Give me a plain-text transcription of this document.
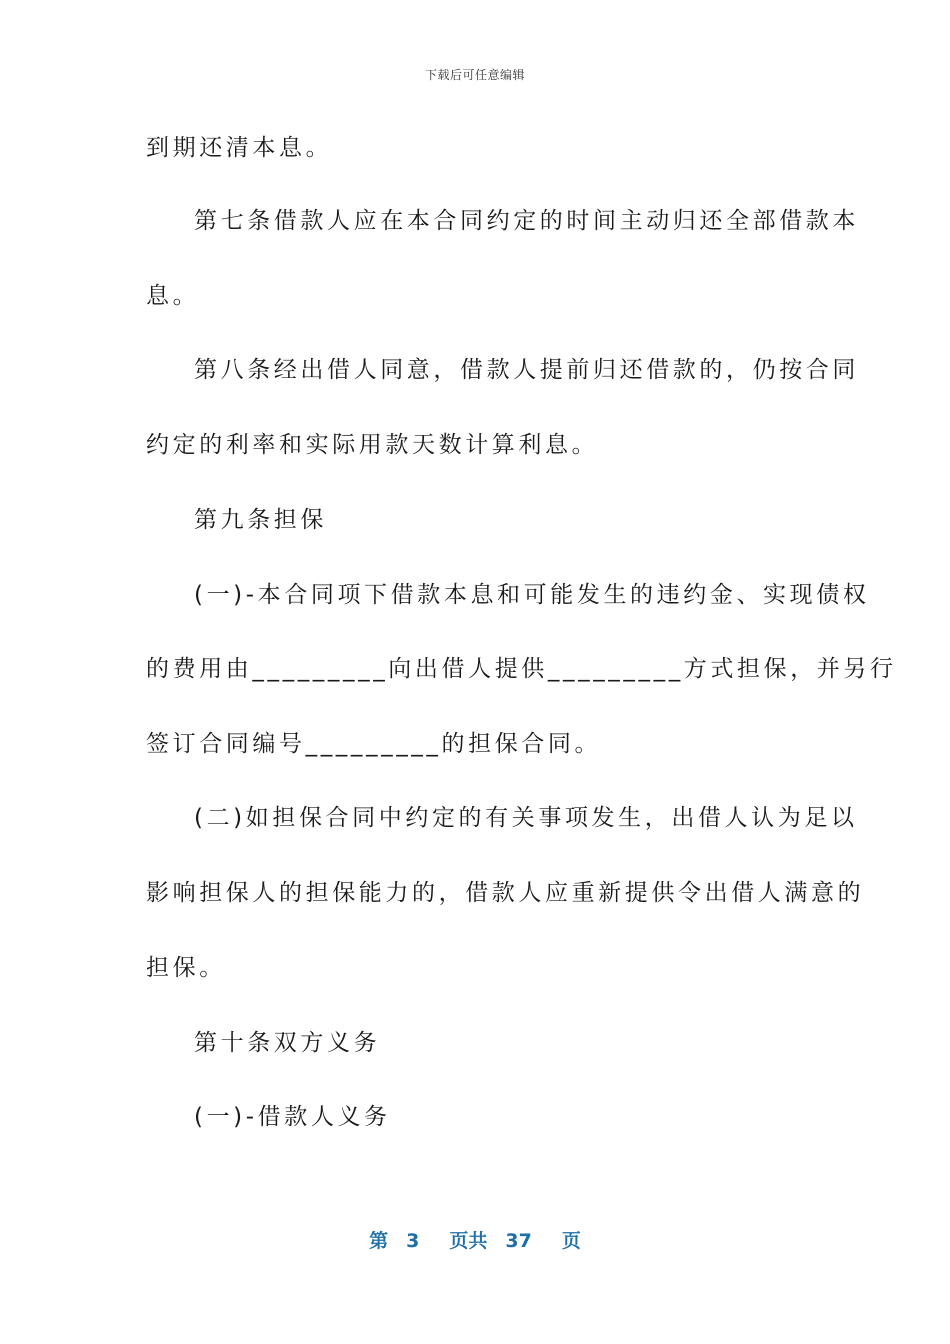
下载后可任意编辑
到期还清本息。
第七条借款人应在本合同约定的时间主动归还全部借款本
息。
第八条经出借人同意，借款人提前归还借款的，仍按合同
约定的利率和实际用款天数计算利息。
第九条担保
(一)-本合同项下借款本息和可能发生的违约金、实现债权
的费用由_________向出借人提供_________方式担保，并另行
签订合同编号_________的担保合同。
(二)如担保合同中约定的有关事项发生，出借人认为足以
影响担保人的担保能力的，借款人应重新提供令出借人满意的
担保。
第十条双方义务
(一)-借款人义务
第 3 页共 37 页
